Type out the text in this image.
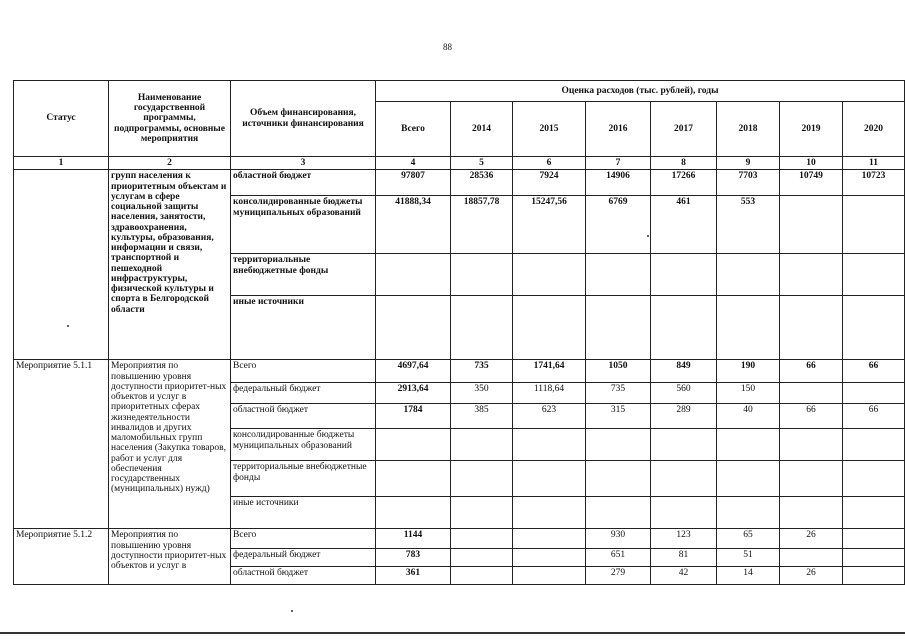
88
Статус	Наименование государственной программы, подпрограммы, основные мероприятия	Объем финансирования, источники финансирования	Оценка расходов (тыс. рублей), годы							
			Всего	2014	2015	2016	2017	2018	2019	2020
1	2	3	4	5	6	7	8	9	10	11
	групп населения к приоритетным объектам и услугам в сфере социальной защиты населения, занятости, здравоохранения, культуры, образования, информации и связи, транспортной и пешеходной инфраструктуры, физической культуры и спорта в Белгородской области	областной бюджет	97807	28536	7924	14906	17266	7703	10749	10723
		консолидированные бюджеты муниципальных образований	41888,34	18857,78	15247,56	6769	461	553		
		территориальные внебюджетные фонды								
		иные источники								
Мероприятие 5.1.1	Мероприятия по повышению уровня доступности приоритет-ных объектов и услуг в приоритетных сферах жизнедеятельности инвалидов и других маломобильных групп населения (Закупка товаров, работ и услуг для обеспечения государственных (муниципальных) нужд)	Всего	4697,64	735	1741,64	1050	849	190	66	66
		федеральный бюджет	2913,64	350	1118,64	735	560	150		
		областной бюджет	1784	385	623	315	289	40	66	66
		консолидированные бюджеты муниципальных образований								
		территориальные внебюджетные фонды								
		иные источники								
Мероприятие 5.1.2	Мероприятия по повышению уровня доступности приоритет-ных объектов и услуг в	Всего	1144			930	123	65	26	
		федеральный бюджет	783			651	81	51		
		областной бюджет	361			279	42	14	26	
